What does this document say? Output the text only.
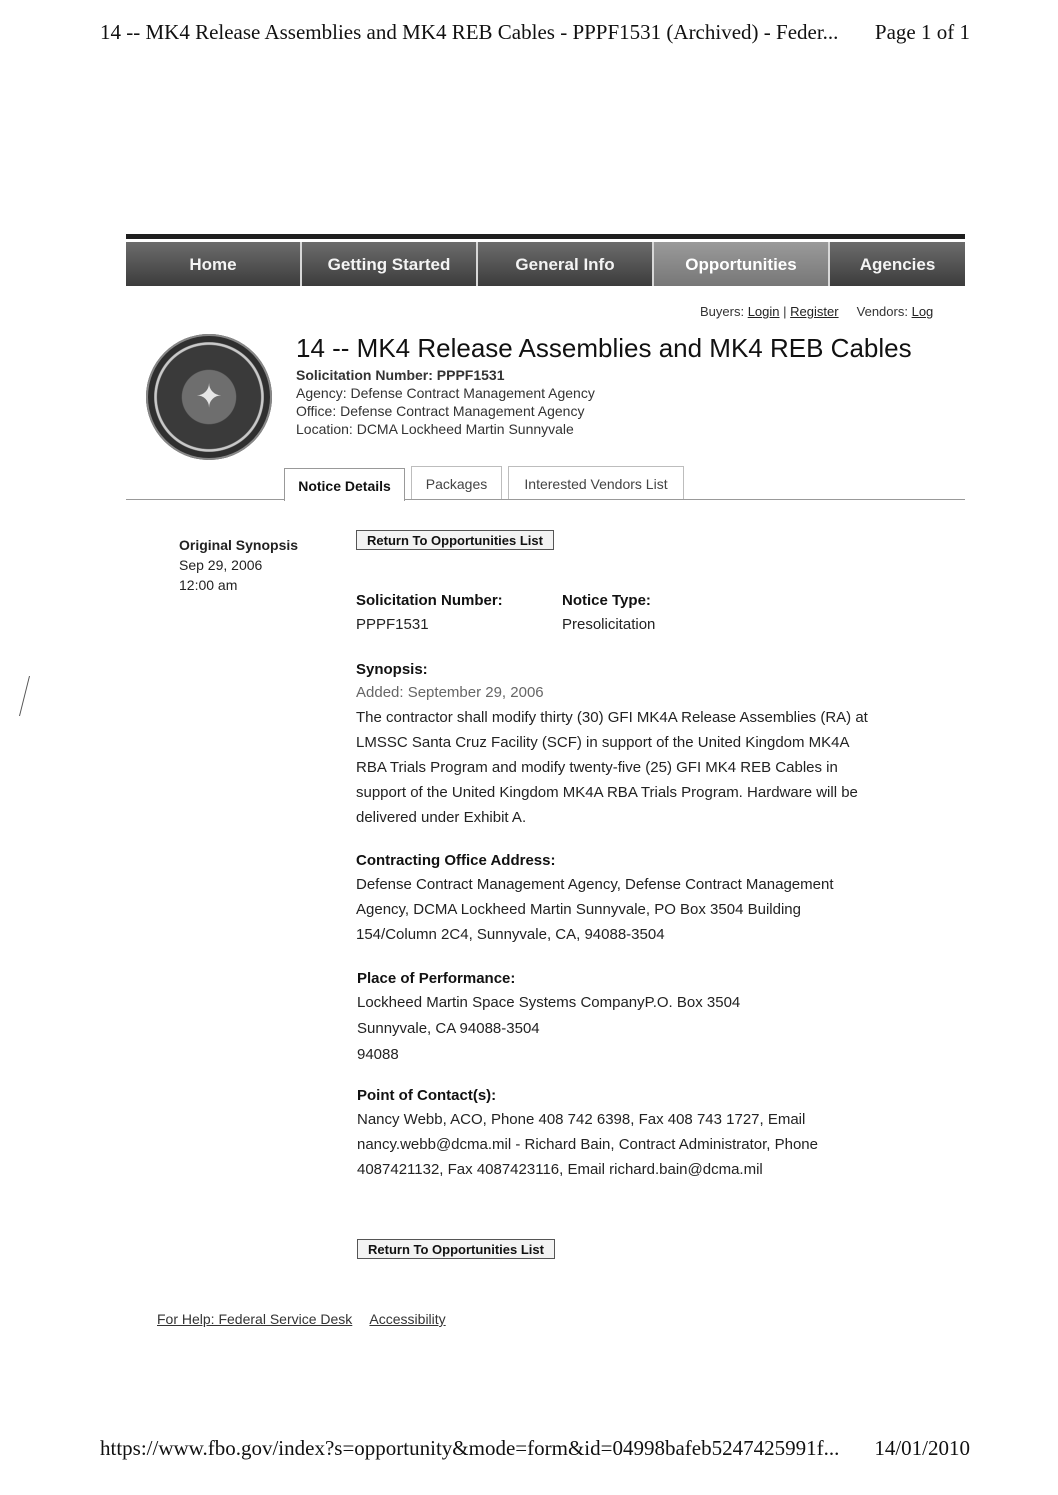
14 -- MK4 Release Assemblies and MK4 REB Cables - PPPF1531 (Archived) - Feder... Page 1 of 1
Home	Getting Started	General Info	Opportunities	Agencies
Buyers: Login | Register Vendors: Log
✦
14 -- MK4 Release Assemblies and MK4 REB Cables
Solicitation Number: PPPF1531
Agency: Defense Contract Management Agency
Office: Defense Contract Management Agency
Location: DCMA Lockheed Martin Sunnyvale
Notice Details	Packages	Interested Vendors List
Original Synopsis
Sep 29, 2006
12:00 am
Return To Opportunities List
Solicitation Number:
PPPF1531
Notice Type:
Presolicitation
Synopsis:
Added: September 29, 2006
The contractor shall modify thirty (30) GFI MK4A Release Assemblies (RA) at
LMSSC Santa Cruz Facility (SCF) in support of the United Kingdom MK4A
RBA Trials Program and modify twenty-five (25) GFI MK4 REB Cables in
support of the United Kingdom MK4A RBA Trials Program. Hardware will be
delivered under Exhibit A.
Contracting Office Address:
Defense Contract Management Agency, Defense Contract Management
Agency, DCMA Lockheed Martin Sunnyvale, PO Box 3504 Building
154/Column 2C4, Sunnyvale, CA, 94088-3504
Place of Performance:
Lockheed Martin Space Systems CompanyP.O. Box 3504
Sunnyvale, CA 94088-3504
94088
Point of Contact(s):
Nancy Webb, ACO, Phone 408 742 6398, Fax 408 743 1727, Email
nancy.webb@dcma.mil - Richard Bain, Contract Administrator, Phone
4087421132, Fax 4087423116, Email richard.bain@dcma.mil
Return To Opportunities List
For Help: Federal Service Desk Accessibility
https://www.fbo.gov/index?s=opportunity&mode=form&id=04998bafeb5247425991f... 14/01/2010
